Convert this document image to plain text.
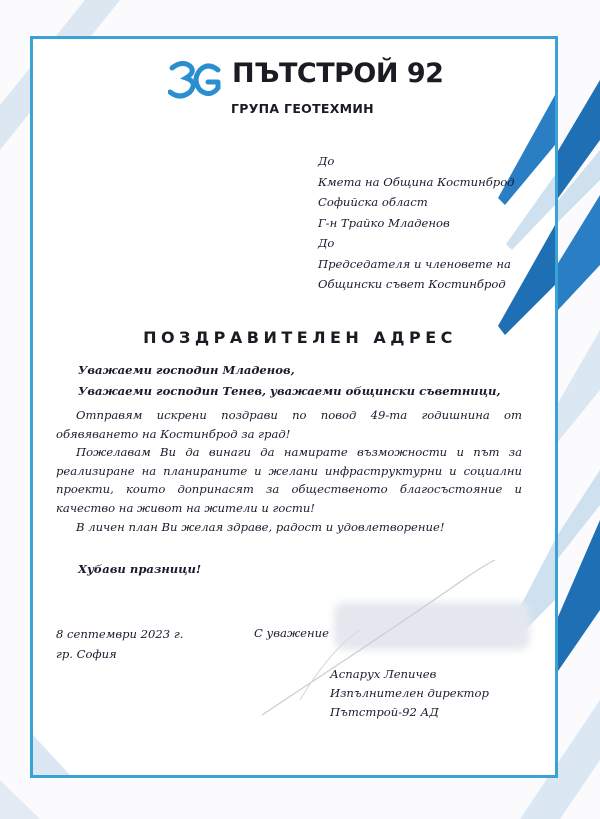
ПЪТСТРОЙ 92
ГРУПА ГЕОТЕХМИН
До
Кмета на Община Костинброд
Софийска област
Г-н Трайко Младенов
До
Председателя и членовете на
Общински съвет Костинброд
ПОЗДРАВИТЕЛЕН АДРЕС
Уважаеми господин Младенов,
Уважаеми господин Тенев, уважаеми общински съветници,

Отправям искрени поздрави по повод 49-та годишнина от обявяването на Костинброд за град!

Пожелавам Ви да винаги да намирате възможности и път за реализиране на планираните и желани инфраструктурни и социални проекти, които допринасят за общественото благосъстояние и качество на живот на жители и гости!

В личен план Ви желая здраве, радост и удовлетворение!

Хубави празници!
8 септември 2023 г.
гр. София
С уважение
Аспарух Лепичев
Изпълнителен директор
Пътстрой-92 АД
